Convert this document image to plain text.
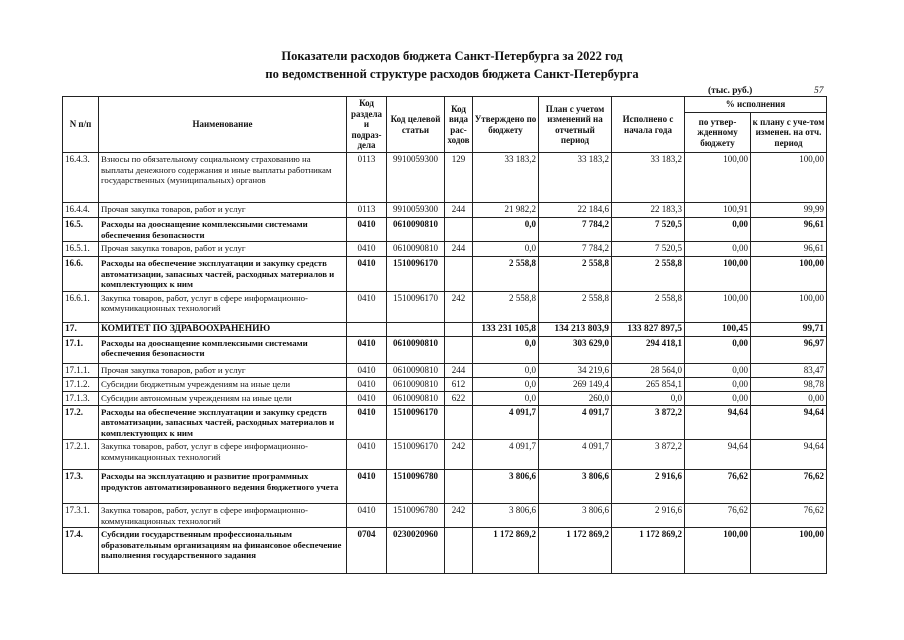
Показатели расходов бюджета Санкт-Петербурга за 2022 год
по ведомственной структуре расходов бюджета Санкт-Петербурга
(тыс. руб.)	57
N п/п	Наименование	Код раздела и подраз-дела	Код целевой статьи	Код вида рас-ходов	Утверждено по бюджету	План с учетом изменений на отчетный период	Исполнено с начала года	% исполнения	
								по утвер-жденному бюджету	к плану с уче-том изменен. на отч. период
16.4.3.	Взносы по обязательному социальному страхованию на выплаты денежного содержания и иные выплаты работникам государственных (муниципальных) органов	0113	9910059300	129	33 183,2	33 183,2	33 183,2	100,00	100,00
16.4.4.	Прочая закупка товаров, работ и услуг	0113	9910059300	244	21 982,2	22 184,6	22 183,3	100,91	99,99
16.5.	Расходы на дооснащение комплексными системами обеспечения безопасности	0410	0610090810		0,0	7 784,2	7 520,5	0,00	96,61
16.5.1.	Прочая закупка товаров, работ и услуг	0410	0610090810	244	0,0	7 784,2	7 520,5	0,00	96,61
16.6.	Расходы на обеспечение эксплуатации и закупку средств автоматизации, запасных частей, расходных материалов и комплектующих к ним	0410	1510096170		2 558,8	2 558,8	2 558,8	100,00	100,00
16.6.1.	Закупка товаров, работ, услуг в сфере информационно-коммуникационных технологий	0410	1510096170	242	2 558,8	2 558,8	2 558,8	100,00	100,00
17.	КОМИТЕТ ПО ЗДРАВООХРАНЕНИЮ				133 231 105,8	134 213 803,9	133 827 897,5	100,45	99,71
17.1.	Расходы на дооснащение комплексными системами обеспечения безопасности	0410	0610090810		0,0	303 629,0	294 418,1	0,00	96,97
17.1.1.	Прочая закупка товаров, работ и услуг	0410	0610090810	244	0,0	34 219,6	28 564,0	0,00	83,47
17.1.2.	Субсидии бюджетным учреждениям на иные цели	0410	0610090810	612	0,0	269 149,4	265 854,1	0,00	98,78
17.1.3.	Субсидии автономным учреждениям на иные цели	0410	0610090810	622	0,0	260,0	0,0	0,00	0,00
17.2.	Расходы на обеспечение эксплуатации и закупку средств автоматизации, запасных частей, расходных материалов и комплектующих к ним	0410	1510096170		4 091,7	4 091,7	3 872,2	94,64	94,64
17.2.1.	Закупка товаров, работ, услуг в сфере информационно-коммуникационных технологий	0410	1510096170	242	4 091,7	4 091,7	3 872,2	94,64	94,64
17.3.	Расходы на эксплуатацию и развитие программных продуктов автоматизированного ведения бюджетного учета	0410	1510096780		3 806,6	3 806,6	2 916,6	76,62	76,62
17.3.1.	Закупка товаров, работ, услуг в сфере информационно-коммуникационных технологий	0410	1510096780	242	3 806,6	3 806,6	2 916,6	76,62	76,62
17.4.	Субсидии государственным профессиональным образовательным организациям на финансовое обеспечение выполнения государственного задания	0704	0230020960		1 172 869,2	1 172 869,2	1 172 869,2	100,00	100,00
